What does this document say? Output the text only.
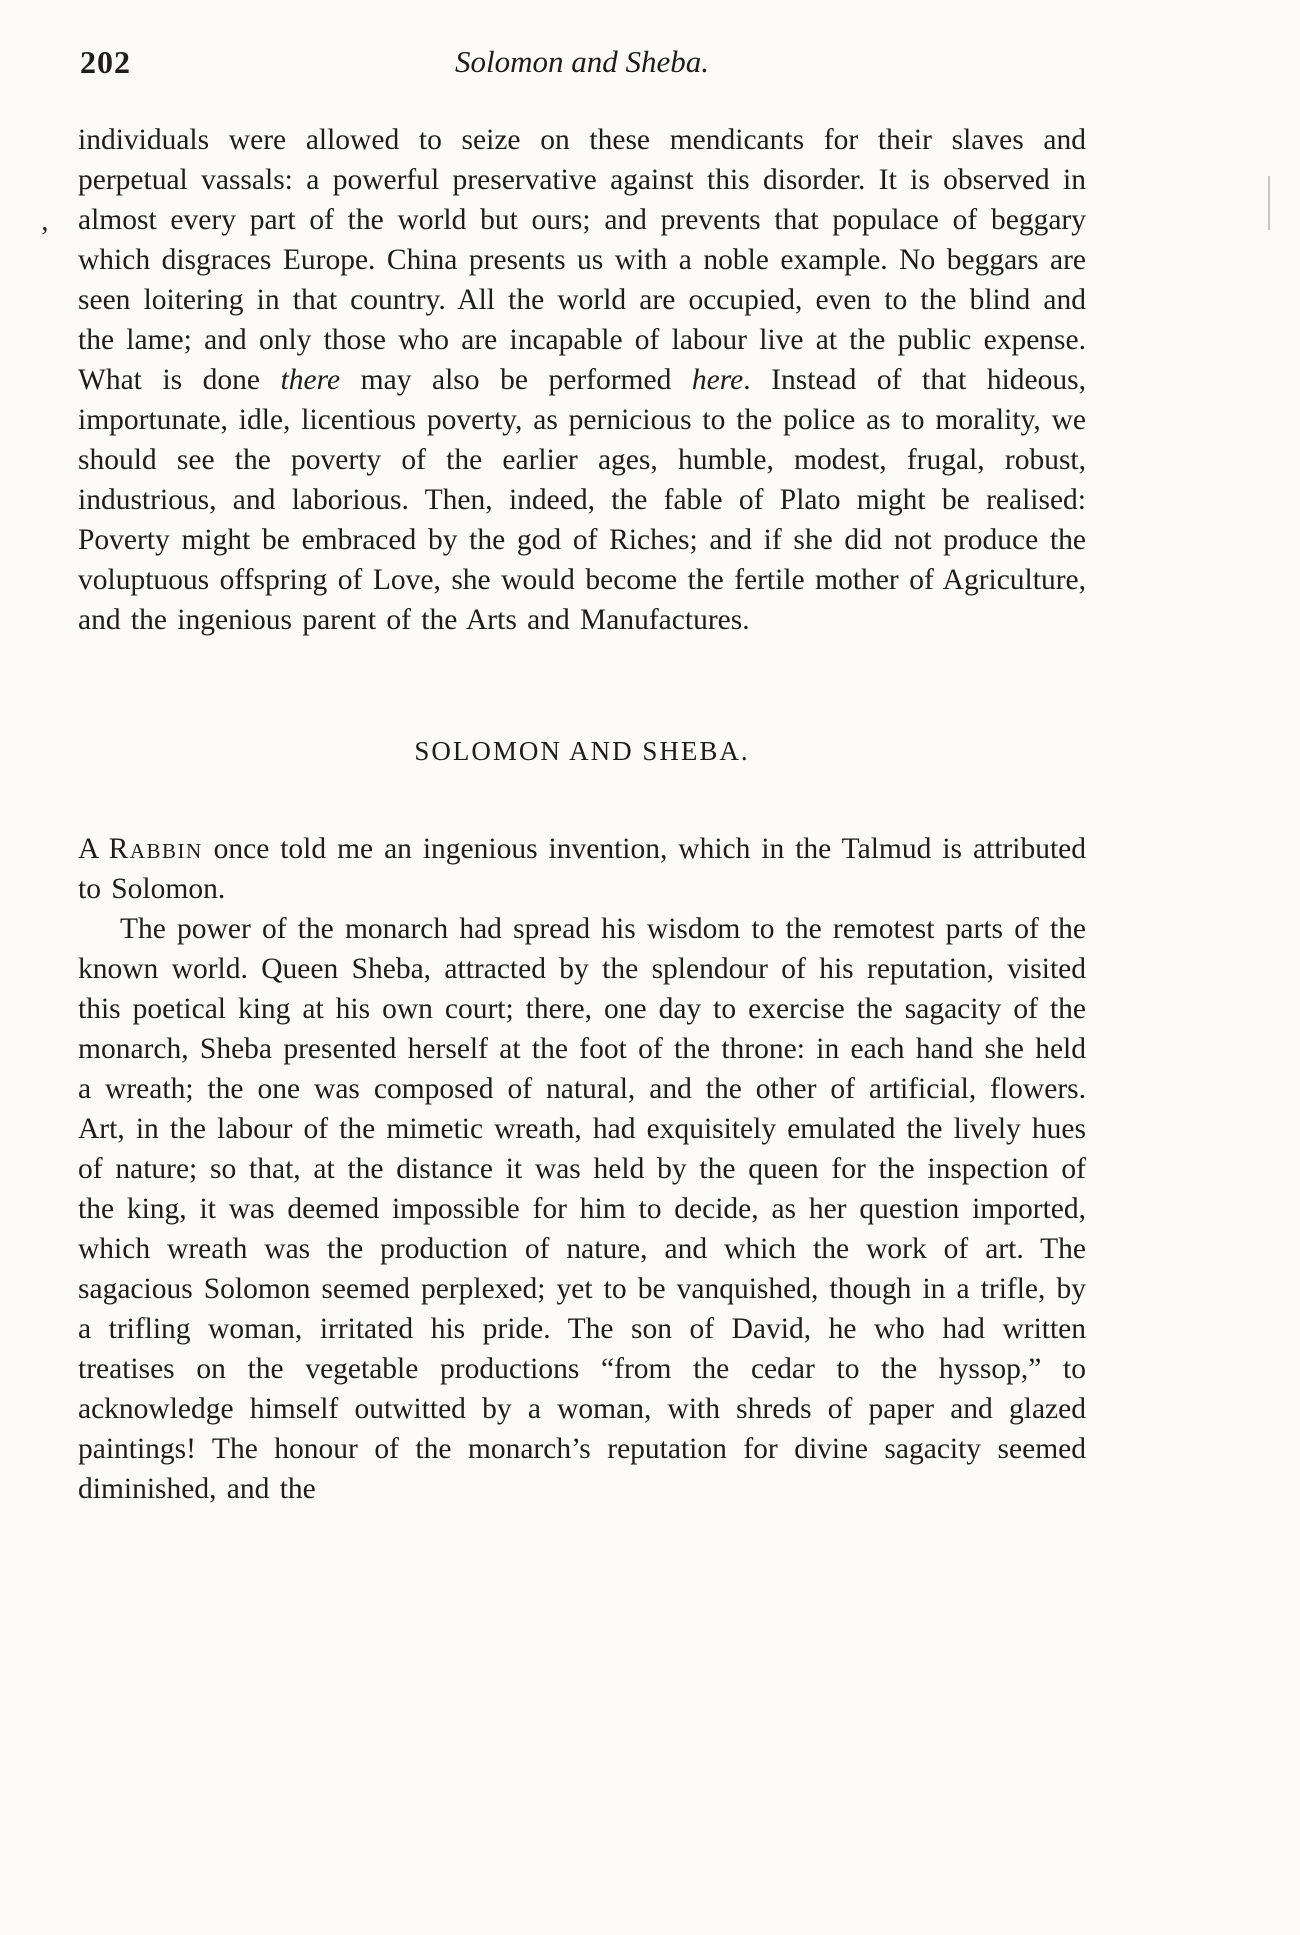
’
202	Solomon and Sheba.

individuals were allowed to seize on these mendicants for their slaves and perpetual vassals: a powerful preservative against this disorder. It is observed in almost every part of the world but ours; and prevents that populace of beggary which disgraces Europe. China presents us with a noble example. No beggars are seen loitering in that country. All the world are occupied, even to the blind and the lame; and only those who are incapable of labour live at the public expense. What is done there may also be performed here. Instead of that hideous, importunate, idle, licentious poverty, as pernicious to the police as to morality, we should see the poverty of the earlier ages, humble, modest, frugal, robust, industrious, and laborious. Then, indeed, the fable of Plato might be realised: Poverty might be embraced by the god of Riches; and if she did not produce the voluptuous offspring of Love, she would become the fertile mother of Agriculture, and the ingenious parent of the Arts and Manufactures.

SOLOMON AND SHEBA.

A Rabbin once told me an ingenious invention, which in the Talmud is attributed to Solomon.

The power of the monarch had spread his wisdom to the remotest parts of the known world. Queen Sheba, attracted by the splendour of his reputation, visited this poetical king at his own court; there, one day to exercise the sagacity of the monarch, Sheba presented herself at the foot of the throne: in each hand she held a wreath; the one was composed of natural, and the other of artificial, flowers. Art, in the labour of the mimetic wreath, had exquisitely emulated the lively hues of nature; so that, at the distance it was held by the queen for the inspection of the king, it was deemed impossible for him to decide, as her question imported, which wreath was the production of nature, and which the work of art. The sagacious Solomon seemed perplexed; yet to be vanquished, though in a trifle, by a trifling woman, irritated his pride. The son of David, he who had written treatises on the vegetable productions “from the cedar to the hyssop,” to acknowledge himself outwitted by a woman, with shreds of paper and glazed paintings! The honour of the monarch’s reputation for divine sagacity seemed diminished, and the
